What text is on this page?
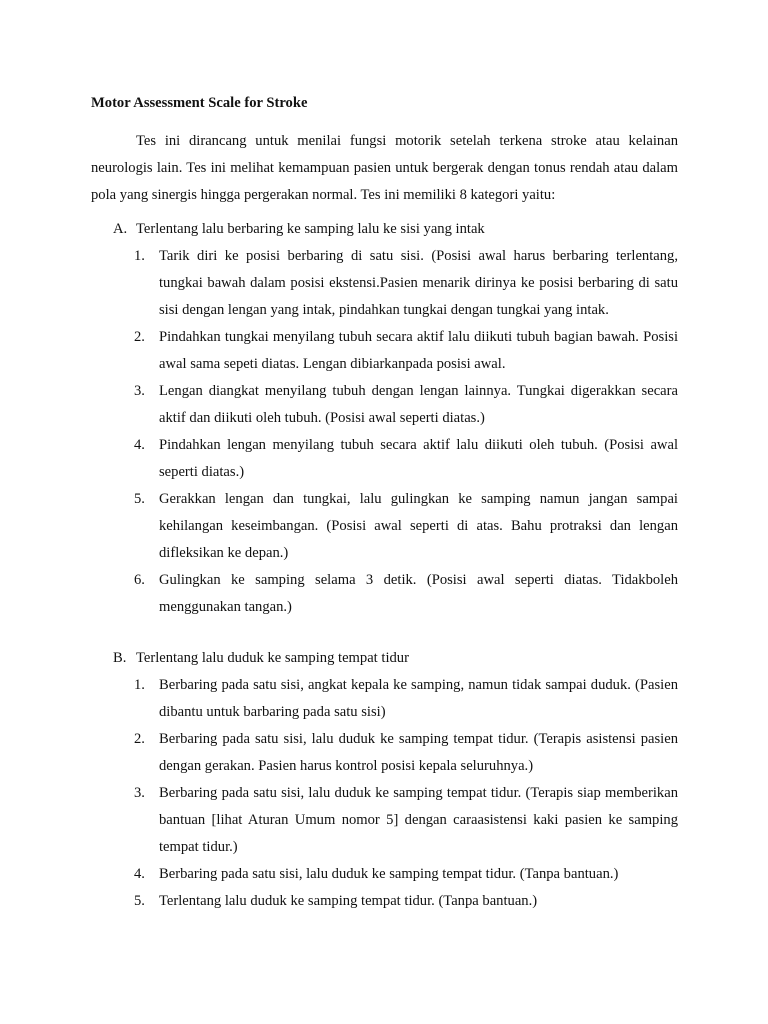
Motor Assessment Scale for Stroke

Tes ini dirancang untuk menilai fungsi motorik setelah terkena stroke atau kelainan neurologis lain. Tes ini melihat kemampuan pasien untuk bergerak dengan tonus rendah atau dalam pola yang sinergis hingga pergerakan normal. Tes ini memiliki 8 kategori yaitu:

A. Terlentang lalu berbaring ke samping lalu ke sisi yang intak
1. Tarik diri ke posisi berbaring di satu sisi. (Posisi awal harus berbaring terlentang, tungkai bawah dalam posisi ekstensi.Pasien menarik dirinya ke posisi berbaring di satu sisi dengan lengan yang intak, pindahkan tungkai dengan tungkai yang intak.
2. Pindahkan tungkai menyilang tubuh secara aktif lalu diikuti tubuh bagian bawah. Posisi awal sama sepeti diatas. Lengan dibiarkanpada posisi awal.
3. Lengan diangkat menyilang tubuh dengan lengan lainnya. Tungkai digerakkan secara aktif dan diikuti oleh tubuh. (Posisi awal seperti diatas.)
4. Pindahkan lengan menyilang tubuh secara aktif lalu diikuti oleh tubuh. (Posisi awal seperti diatas.)
5. Gerakkan lengan dan tungkai, lalu gulingkan ke samping namun jangan sampai kehilangan keseimbangan. (Posisi awal seperti di atas. Bahu protraksi dan lengan difleksikan ke depan.)
6. Gulingkan ke samping selama 3 detik. (Posisi awal seperti diatas. Tidakboleh menggunakan tangan.)
B. Terlentang lalu duduk ke samping tempat tidur
1. Berbaring pada satu sisi, angkat kepala ke samping, namun tidak sampai duduk. (Pasien dibantu untuk barbaring pada satu sisi)
2. Berbaring pada satu sisi, lalu duduk ke samping tempat tidur. (Terapis asistensi pasien dengan gerakan. Pasien harus kontrol posisi kepala seluruhnya.)
3. Berbaring pada satu sisi, lalu duduk ke samping tempat tidur. (Terapis siap memberikan bantuan [lihat Aturan Umum nomor 5] dengan caraasistensi kaki pasien ke samping tempat tidur.)
4. Berbaring pada satu sisi, lalu duduk ke samping tempat tidur. (Tanpa bantuan.)
5. Terlentang lalu duduk ke samping tempat tidur. (Tanpa bantuan.)
